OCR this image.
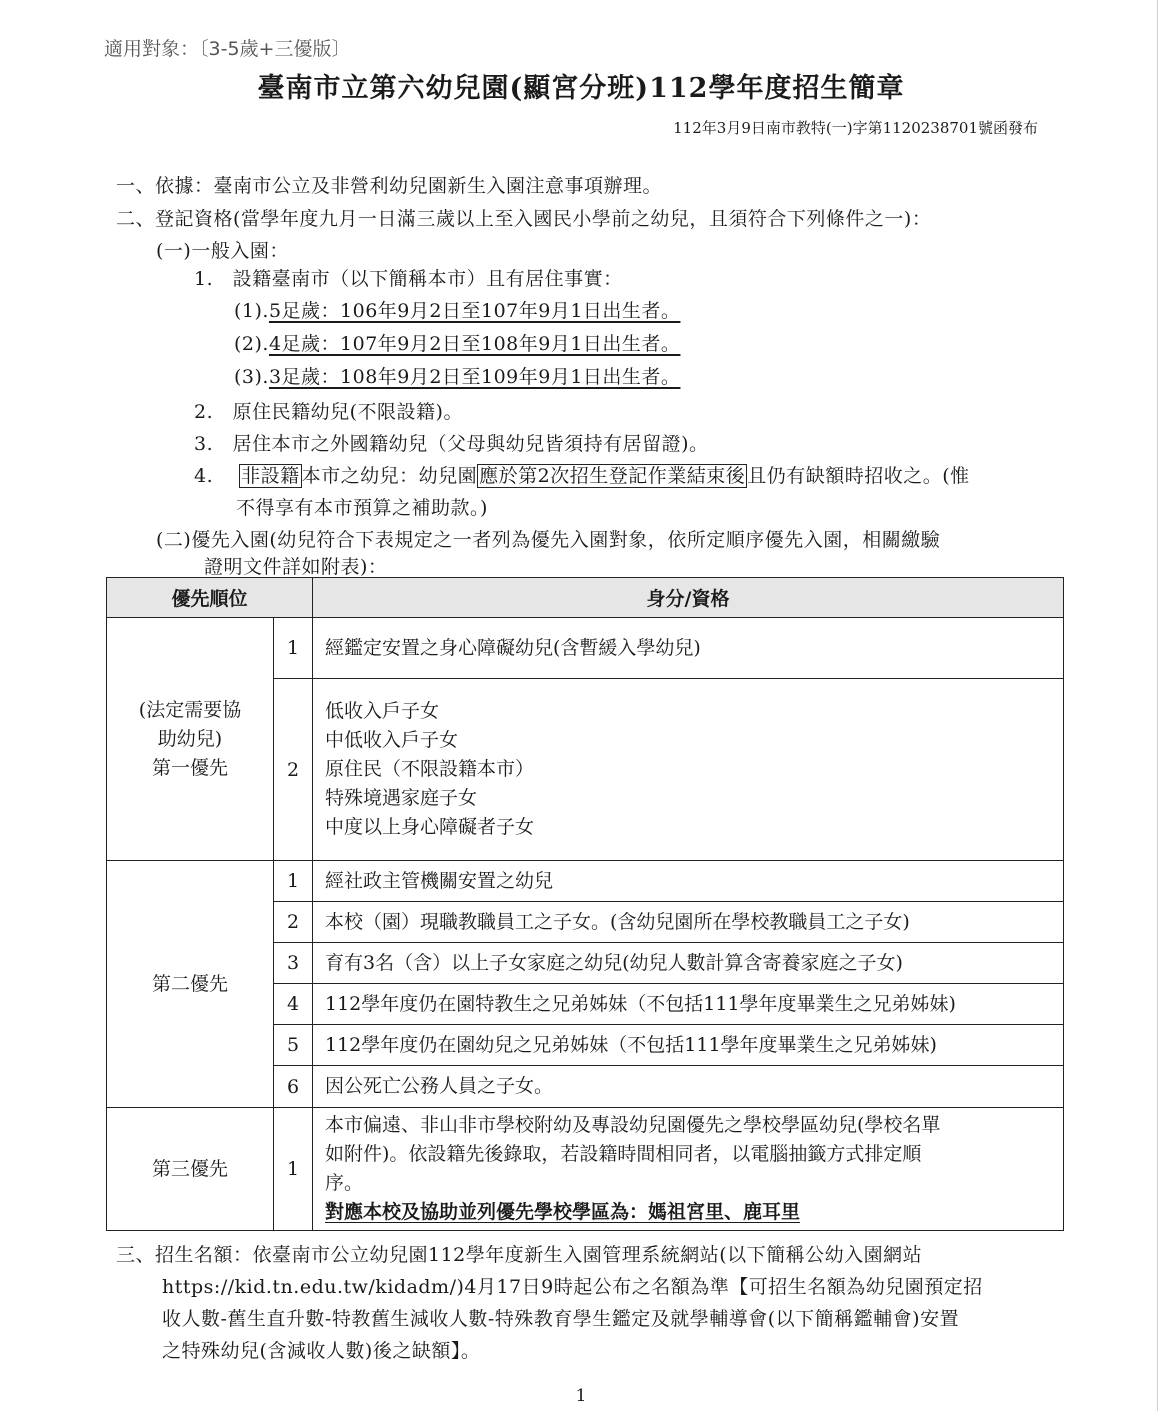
適用對象：〔3-5歲+三優版〕
臺南市立第六幼兒園(顯宮分班)112學年度招生簡章
112年3月9日南市教特(一)字第1120238701號函發布
一、依據：臺南市公立及非營利幼兒園新生入園注意事項辦理。
二、登記資格(當學年度九月一日滿三歲以上至入國民小學前之幼兒，且須符合下列條件之一)：
(一)一般入園：
1.　設籍臺南市（以下簡稱本市）且有居住事實：
(1).5足歲：106年9月2日至107年9月1日出生者。
(2).4足歲：107年9月2日至108年9月1日出生者。
(3).3足歲：108年9月2日至109年9月1日出生者。
2.　原住民籍幼兒(不限設籍)。
3.　居住本市之外國籍幼兒（父母與幼兒皆須持有居留證)。
4. 非設籍 本市之幼兒：幼兒園 應於第2次招生登記作業結束後 且仍有缺額時招收之。(惟
不得享有本市預算之補助款。)
(二)優先入園(幼兒符合下表規定之一者列為優先入園對象，依所定順序優先入園，相關繳驗
證明文件詳如附表)：
優先順位		身分/資格

(法定需要協
助幼兒)
第一優先	1	經鑑定安置之身心障礙幼兒(含暫緩入學幼兒)
	2	低收入戶子女
中低收入戶子女
原住民（不限設籍本市）
特殊境遇家庭子女
中度以上身心障礙者子女

第二優先	1	經社政主管機關安置之幼兒
	2	本校（園）現職教職員工之子女。(含幼兒園所在學校教職員工之子女)
	3	育有3名（含）以上子女家庭之幼兒(幼兒人數計算含寄養家庭之子女)
	4	112學年度仍在園特教生之兄弟姊妹（不包括111學年度畢業生之兄弟姊妹)
	5	112學年度仍在園幼兒之兄弟姊妹（不包括111學年度畢業生之兄弟姊妹)
	6	因公死亡公務人員之子女。
第三優先	1	本市偏遠、非山非市學校附幼及專設幼兒園優先之學校學區幼兒(學校名單
如附件)。依設籍先後錄取，若設籍時間相同者，以電腦抽籤方式排定順
序。
對應本校及協助並列優先學校學區為：媽祖宮里、鹿耳里
三、招生名額：依臺南市公立幼兒園112學年度新生入園管理系統網站(以下簡稱公幼入園網站
https://kid.tn.edu.tw/kidadm/)4月17日9時起公布之名額為準【可招生名額為幼兒園預定招
收人數-舊生直升數-特教舊生減收人數-特殊教育學生鑑定及就學輔導會(以下簡稱鑑輔會)安置
之特殊幼兒(含減收人數)後之缺額】。
1
